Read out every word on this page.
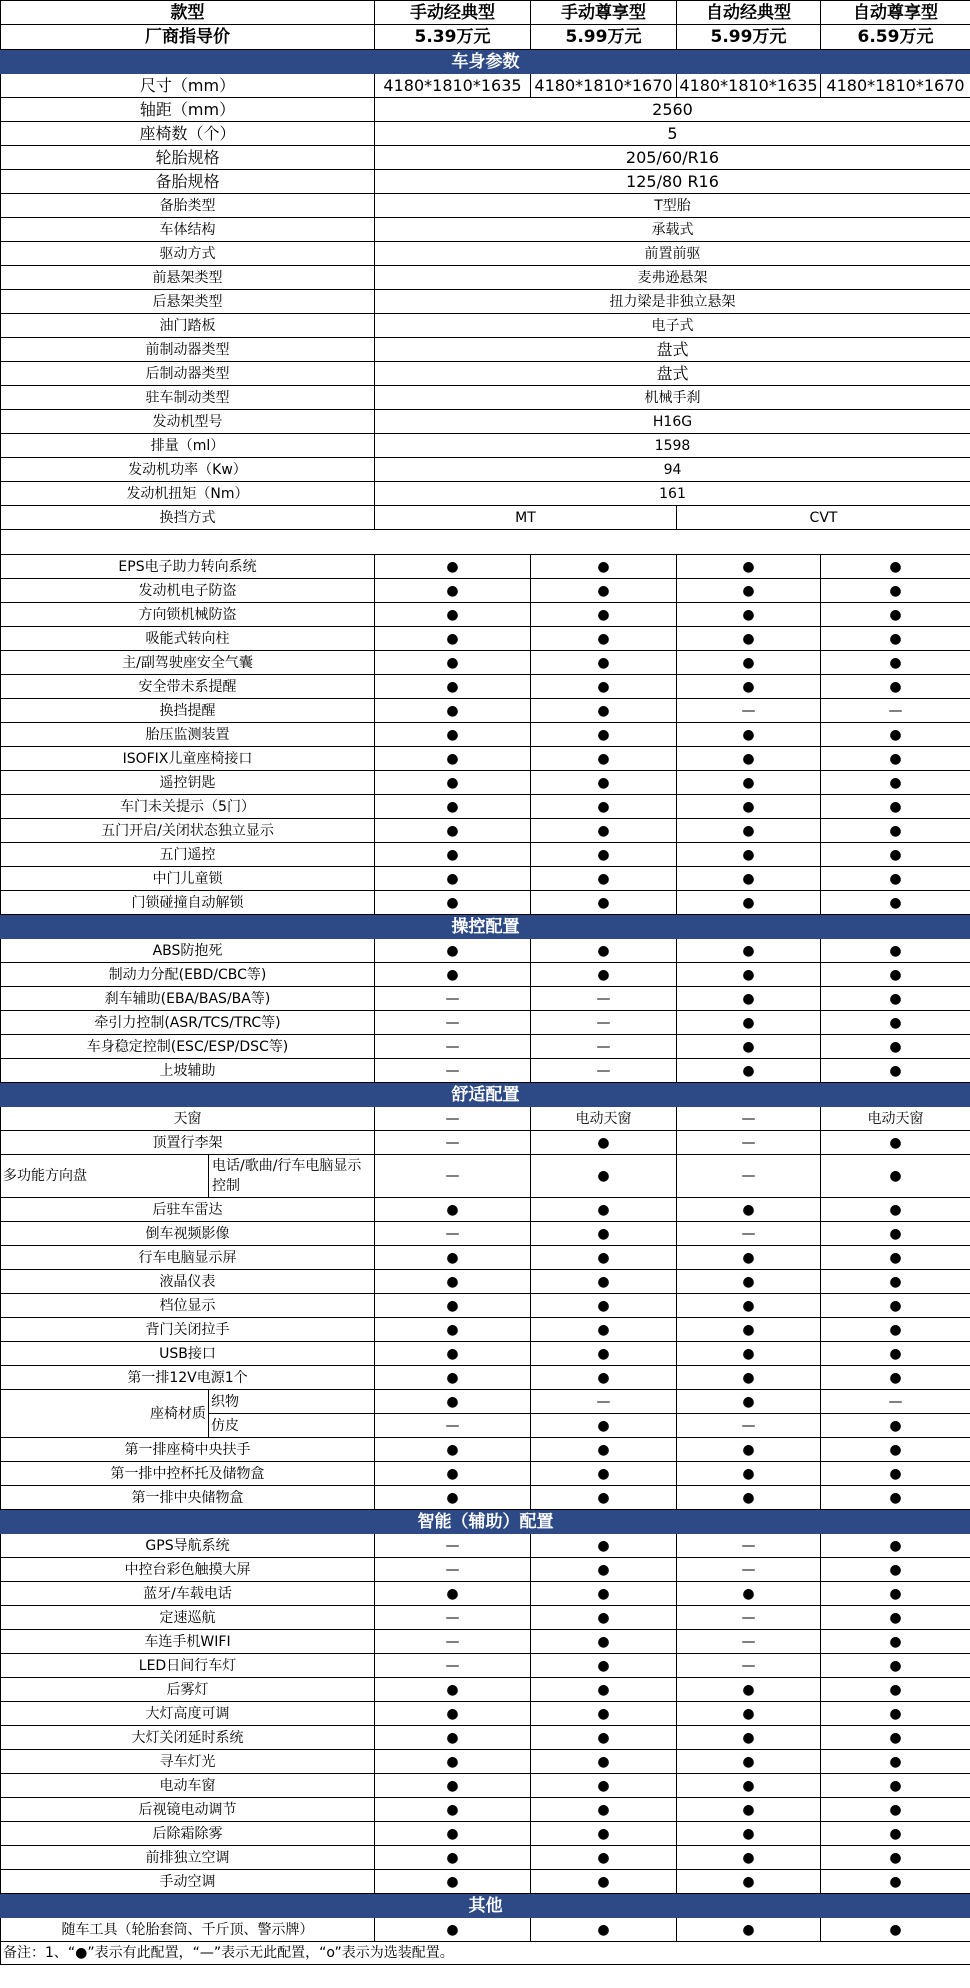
款型		手动经典型	手动尊享型	自动经典型	自动尊享型
厂商指导价		5.39万元	5.99万元	5.99万元	6.59万元
车身参数					
尺寸（mm）		4180*1810*1635	4180*1810*1670	4180*1810*1635	4180*1810*1670
轴距（mm）		2560			
座椅数（个）		5			
轮胎规格		205/60/R16			
备胎规格		125/80 R16			
备胎类型		T型胎			
车体结构		承载式			
驱动方式		前置前驱			
前悬架类型		麦弗逊悬架			
后悬架类型		扭力梁是非独立悬架			
油门踏板		电子式			
前制动器类型		盘式			
后制动器类型		盘式			
驻车制动类型		机械手刹			
发动机型号		H16G			
排量（ml）		1598			
发动机功率（Kw）		94			
发动机扭矩（Nm）		161			
换挡方式		MT		CVT	

EPS电子助力转向系统		●	●	●	●
发动机电子防盗		●	●	●	●
方向锁机械防盗		●	●	●	●
吸能式转向柱		●	●	●	●
主/副驾驶座安全气囊		●	●	●	●
安全带未系提醒		●	●	●	●
换挡提醒		●	●	—	—
胎压监测装置		●	●	●	●
ISOFIX儿童座椅接口		●	●	●	●
遥控钥匙		●	●	●	●
车门未关提示（5门）		●	●	●	●
五门开启/关闭状态独立显示		●	●	●	●
五门遥控		●	●	●	●
中门儿童锁		●	●	●	●
门锁碰撞自动解锁		●	●	●	●
操控配置					
ABS防抱死		●	●	●	●
制动力分配(EBD/CBC等)		●	●	●	●
刹车辅助(EBA/BAS/BA等)		—	—	●	●
牵引力控制(ASR/TCS/TRC等)		—	—	●	●
车身稳定控制(ESC/ESP/DSC等)		—	—	●	●
上坡辅助		—	—	●	●
舒适配置					
天窗		—	电动天窗	—	电动天窗
顶置行李架		—	●	—	●
多功能方向盘	电话/歌曲/行车电脑显示控制	—	●	—	●
后驻车雷达		●	●	●	●
倒车视频影像		—	●	—	●
行车电脑显示屏		●	●	●	●
液晶仪表		●	●	●	●
档位显示		●	●	●	●
背门关闭拉手		●	●	●	●
USB接口		●	●	●	●
第一排12V电源1个		●	●	●	●
座椅材质	织物	●	—	●	—
	仿皮	—	●	—	●
第一排座椅中央扶手		●	●	●	●
第一排中控杯托及储物盒		●	●	●	●
第一排中央储物盒		●	●	●	●
智能（辅助）配置					
GPS导航系统		—	●	—	●
中控台彩色触摸大屏		—	●	—	●
蓝牙/车载电话		●	●	●	●
定速巡航		—	●	—	●
车连手机WIFI		—	●	—	●
LED日间行车灯		—	●	—	●
后雾灯		●	●	●	●
大灯高度可调		●	●	●	●
大灯关闭延时系统		●	●	●	●
寻车灯光		●	●	●	●
电动车窗		●	●	●	●
后视镜电动调节		●	●	●	●
后除霜除雾		●	●	●	●
前排独立空调		●	●	●	●
手动空调		●	●	●	●
其他					
随车工具（轮胎套筒、千斤顶、警示牌）		●	●	●	●
备注：1、“●”表示有此配置，“—”表示无此配置，“o”表示为选装配置。					
